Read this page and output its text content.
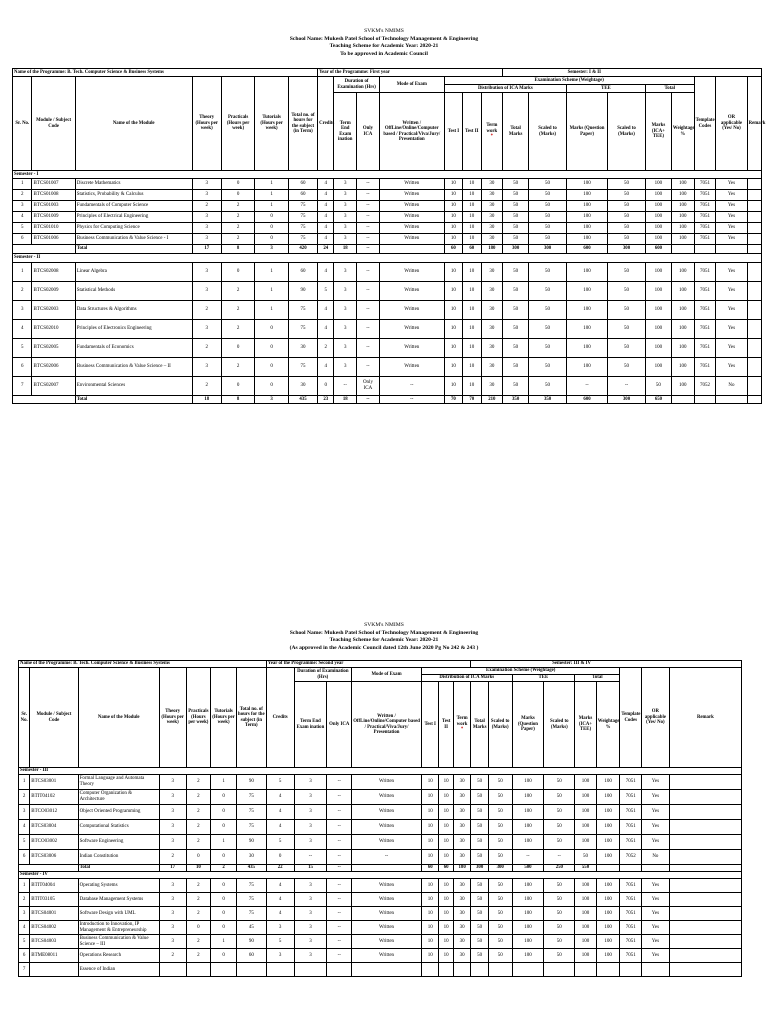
SVKM's NMIMS
School Name: Mukesh Patel School of Technology Management & Engineering
Teaching Scheme for Academic Year: 2020-21
To be approved in Academic Council
Name of the Programme: B. Tech. Computer Science & Business Systems							Year of the Programme: First year							Semester: I & II								
Sr. No.	Module / Subject Code	Name of the Module	Theory (Hours per week)	Practicals (Hours per week)	Tutorials (Hours per week)	Total no. of hours for the subject (in Term)	Credits	Duration of Examination (Hrs)		Mode of Exam	Examination Scheme (Weightage)									Template Codes	OR applicable (Yes/ No)	Remark
											Distribution of ICA Marks					TEE		Total				
								Term End Exam ination	Only ICA	Written / OffLine/Online/Computer based / Practical/Viva/Jury/ Presentation	Test I	Test II	Term work
*	Total Marks	Scaled to (Marks)	Marks (Question Paper)	Scaled to (Marks)	Marks (ICA+ TEE)	Weightage %			
Semester - I																						
1	BTCS01007	Discrete Mathematics	3	0	1	60	4	3	--	Written	10	10	30	50	50	100	50	100	100	7051	Yes	
2	BTCS01008	Statistics, Probability & Calculus	3	0	1	60	4	3	--	Written	10	10	30	50	50	100	50	100	100	7051	Yes	
3	BTCS01003	Fundamentals of Computer Science	2	2	1	75	4	3	--	Written	10	10	30	50	50	100	50	100	100	7051	Yes	
4	BTCS01009	Principles of Electrical Engineering	3	2	0	75	4	3	--	Written	10	10	30	50	50	100	50	100	100	7051	Yes	
5	BTCS01010	Physics for Computing Science	3	2	0	75	4	3	--	Written	10	10	30	50	50	100	50	100	100	7051	Yes	
6	BTCS01006	Business Communication & Value Science - I	3	2	0	75	4	3	--	Written	10	10	30	50	50	100	50	100	100	7051	Yes	
		Total	17	8	3	420	24	18	--		60	60	180	300	300	600	300	600				
Semester - II																						
1	BTCS02008	Linear Algebra	3	0	1	60	4	3	--	Written	10	10	30	50	50	100	50	100	100	7051	Yes	
2	BTCS02009	Statistical Methods	3	2	1	90	5	3	--	Written	10	10	30	50	50	100	50	100	100	7051	Yes	
3	BTCS02003	Data Structures & Algorithms	2	2	1	75	4	3	--	Written	10	10	30	50	50	100	50	100	100	7051	Yes	
4	BTCS02010	Principles of Electronics Engineering	3	2	0	75	4	3	--	Written	10	10	30	50	50	100	50	100	100	7051	Yes	
5	BTCS02005	Fundamentals of Economics	2	0	0	30	2	3	--	Written	10	10	30	50	50	100	50	100	100	7051	Yes	
6	BTCS02006	Business Communication & Value Science – II	3	2	0	75	4	3	--	Written	10	10	30	50	50	100	50	100	100	7051	Yes	
7	BTCS02007	Environmental Sciences	2	0	0	30	0	--	Only ICA	--	10	10	30	50	50	--	--	50	100	7052	No	
		Total	18	8	3	435	23	18	--	--	70	70	210	350	350	600	300	650				
SVKM's NMIMS
School Name: Mukesh Patel School of Technology Management & Engineering
Teaching Scheme for Academic Year: 2020-21
(As approved in the Academic Council dated 12th June 2020 Pg No 242 & 243 )
Name of the Programme: B. Tech. Computer Science & Business Systems							Year of the Programme: Second year							Semester: III & IV								
Sr. No.	Module / Subject Code	Name of the Module	Theory (Hours per week)	Practicals (Hours per week)	Tutorials (Hours per week)	Total no. of hours for the subject (in Term)	Credits	Duration of Examination (Hrs)		Mode of Exam	Examination Scheme (Weightage)									Template Codes	OR applicable (Yes/ No)	Remark
											Distribution of ICA Marks					TEE		Total				
								Term End Exam ination	Only ICA	Written / OffLine/Online/Computer based / Practical/Viva/Jury/ Presentation	Test I	Test II	Term work
*	Total Marks	Scaled to (Marks)	Marks (Question Paper)	Scaled to (Marks)	Marks (ICA+ TEE)	Weightage %			
Semester - III																						
1	BTCS03001	Formal Language and Automata Theory	3	2	1	90	5	3	--	Written	10	10	30	50	50	100	50	100	100	7051	Yes	
2	BTIT04102	Computer Organization & Architecture	3	2	0	75	4	3	--	Written	10	10	30	50	50	100	50	100	100	7051	Yes	
3	BTCO03012	Object Oriented Programming	3	2	0	75	4	3	--	Written	10	10	30	50	50	100	50	100	100	7051	Yes	
4	BTCS03004	Computational Statistics	3	2	0	75	4	3	--	Written	10	10	30	50	50	100	50	100	100	7051	Yes	
5	BTCO03002	Software Engineering	3	2	1	90	5	3	--	Written	10	10	30	50	50	100	50	100	100	7051	Yes	
6	BTCS03006	Indian Constitution	2	0	0	30	0	--	--	--	10	10	30	50	50	--	--	50	100	7052	No	
		Total	17	10	2	435	22	15	--		60	60	180	300	300	500	250	550				
Semester - IV																						
1	BTIT04004	Operating Systems	3	2	0	75	4	3	--	Written	10	10	30	50	50	100	50	100	100	7051	Yes	
2	BTIT03105	Database Management Systems	3	2	0	75	4	3	--	Written	10	10	30	50	50	100	50	100	100	7051	Yes	
3	BTCS04001	Software Design with UML	3	2	0	75	4	3	--	Written	10	10	30	50	50	100	50	100	100	7051	Yes	
4	BTCS04002	Introduction to Innovation, IP Management & Entrepreneurship	3	0	0	45	3	3	--	Written	10	10	30	50	50	100	50	100	100	7051	Yes	
5	BTCS04003	Business Communication & Value Science – III	3	2	1	90	5	3	--	Written	10	10	30	50	50	100	50	100	100	7051	Yes	
6	BTME08011	Operations Research	2	2	0	60	3	3	--	Written	10	10	30	50	50	100	50	100	100	7051	Yes	
7		Essence of Indian																				
